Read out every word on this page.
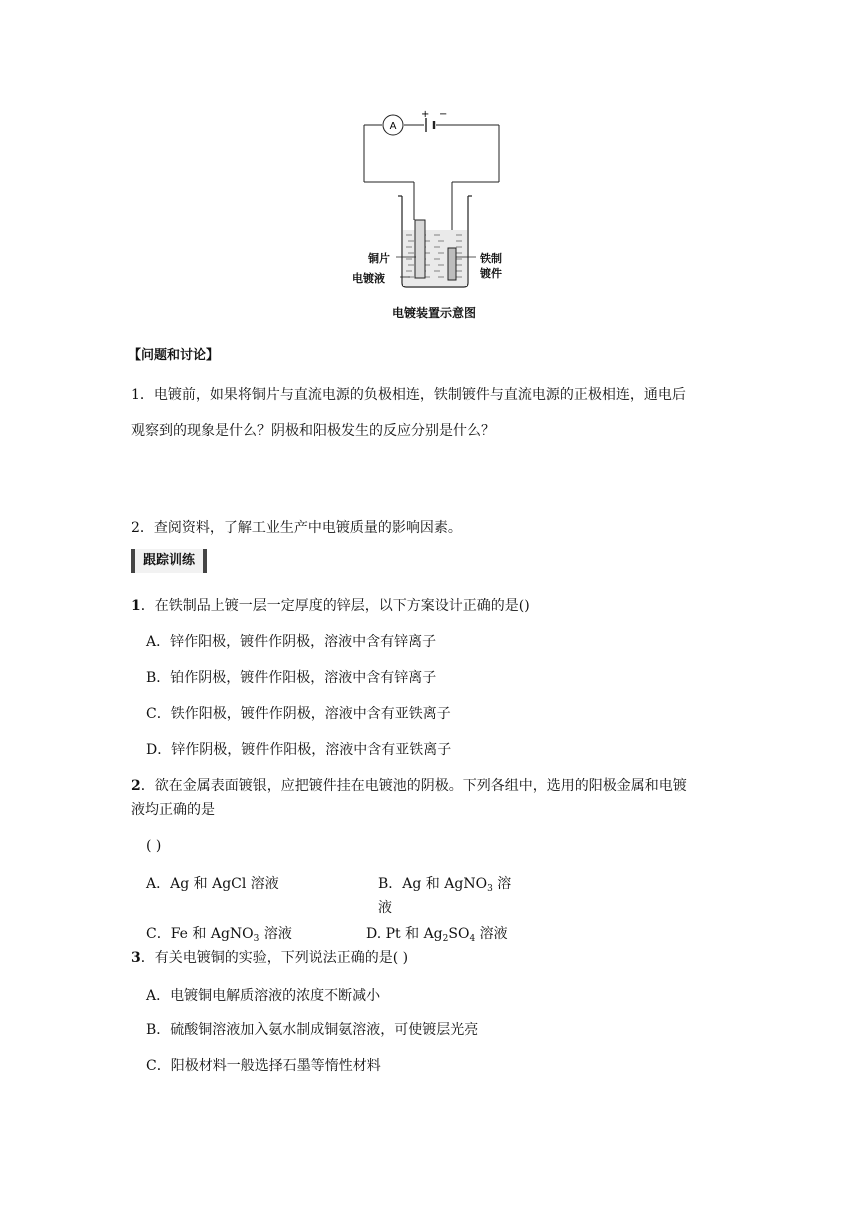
A
+ −
铜片
电镀液
铁制
镀件
电镀装置示意图
【问题和讨论】
1．电镀前，如果将铜片与直流电源的负极相连，铁制镀件与直流电源的正极相连，通电后
观察到的现象是什么？阴极和阳极发生的反应分别是什么？
2．查阅资料，了解工业生产中电镀质量的影响因素。
跟踪训练
1．在铁制品上镀一层一定厚度的锌层，以下方案设计正确的是()
A．锌作阳极，镀件作阴极，溶液中含有锌离子
B．铂作阴极，镀件作阳极，溶液中含有锌离子
C．铁作阳极，镀件作阴极，溶液中含有亚铁离子
D．锌作阴极，镀件作阳极，溶液中含有亚铁离子
2．欲在金属表面镀银，应把镀件挂在电镀池的阴极。下列各组中，选用的阳极金属和电镀
液均正确的是
( )
A．Ag 和 AgCl 溶液	B．Ag 和 AgNO$_3$ 溶
液
C．Fe 和 AgNO$_3$ 溶液	D. Pt 和 $Ag_2SO_4$ 溶液
3．有关电镀铜的实验，下列说法正确的是( )
A．电镀铜电解质溶液的浓度不断减小
B．硫酸铜溶液加入氨水制成铜氨溶液，可使镀层光亮
C．阳极材料一般选择石墨等惰性材料
